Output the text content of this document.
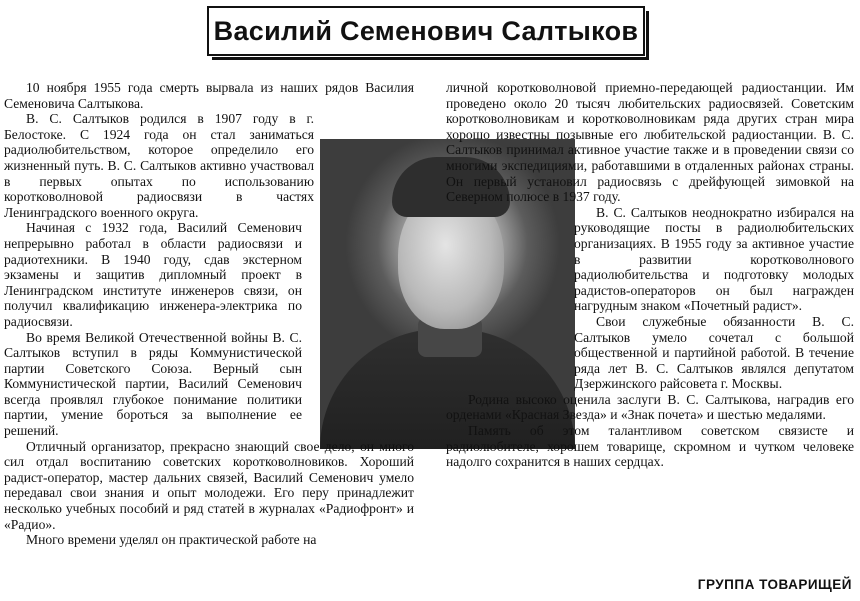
Василий Семенович Салтыков

10 ноября 1955 года смерть вырвала из наших рядов Василия Семеновича Салтыкова.

В. С. Салтыков родился в 1907 году в г. Белостоке. С 1924 года он стал заниматься радиолюбительством, которое определило его жизненный путь. В. С. Салтыков активно участвовал в первых опытах по использованию коротковолновой радиосвязи в частях Ленинградского военного округа.

Начиная с 1932 года, Василий Семенович непрерывно работал в области радиосвязи и радиотехники. В 1940 году, сдав экстерном экзамены и защитив дипломный проект в Ленинградском институте инженеров связи, он получил квалификацию инженера-электрика по радиосвязи.

Во время Великой Отечественной войны В. С. Салтыков вступил в ряды Коммунистической партии Советского Союза. Верный сын Коммунистической партии, Василий Семенович всегда проявлял глубокое понимание политики партии, умение бороться за выполнение ее решений.

Отличный организатор, прекрасно знающий свое дело, он много сил отдал воспитанию советских коротковолновиков. Хороший радист-оператор, мастер дальних связей, Василий Семенович умело передавал свои знания и опыт молодежи. Его перу принадлежит несколько учебных пособий и ряд статей в журналах «Радиофронт» и «Радио».

Много времени уделял он практической работе на

личной коротковолновой приемно-передающей радиостанции. Им проведено около 20 тысяч любительских радиосвязей. Советским коротковолновикам и коротковолновикам ряда других стран мира хорошо известны позывные его любительской радиостанции. В. С. Салтыков принимал активное участие также и в проведении связи со многими экспедициями, работавшими в отдаленных районах страны. Он первый установил радиосвязь с дрейфующей зимовкой на Северном полюсе в 1937 году.

В. С. Салтыков неоднократно избирался на руководящие посты в радиолюбительских организациях. В 1955 году за активное участие в развитии коротковолнового радиолюбительства и подготовку молодых радистов-операторов он был награжден нагрудным знаком «Почетный радист».

Свои служебные обязанности В. С. Салтыков умело сочетал с большой общественной и партийной работой. В течение ряда лет В. С. Салтыков являлся депутатом Дзержинского райсовета г. Москвы.

Родина высоко оценила заслуги В. С. Салтыкова, наградив его орденами «Красная Звезда» и «Знак почета» и шестью медалями.

Память об этом талантливом советском связисте и радиолюбителе, хорошем товарище, скромном и чутком человеке надолго сохранится в наших сердцах.

ГРУППА ТОВАРИЩЕЙ
